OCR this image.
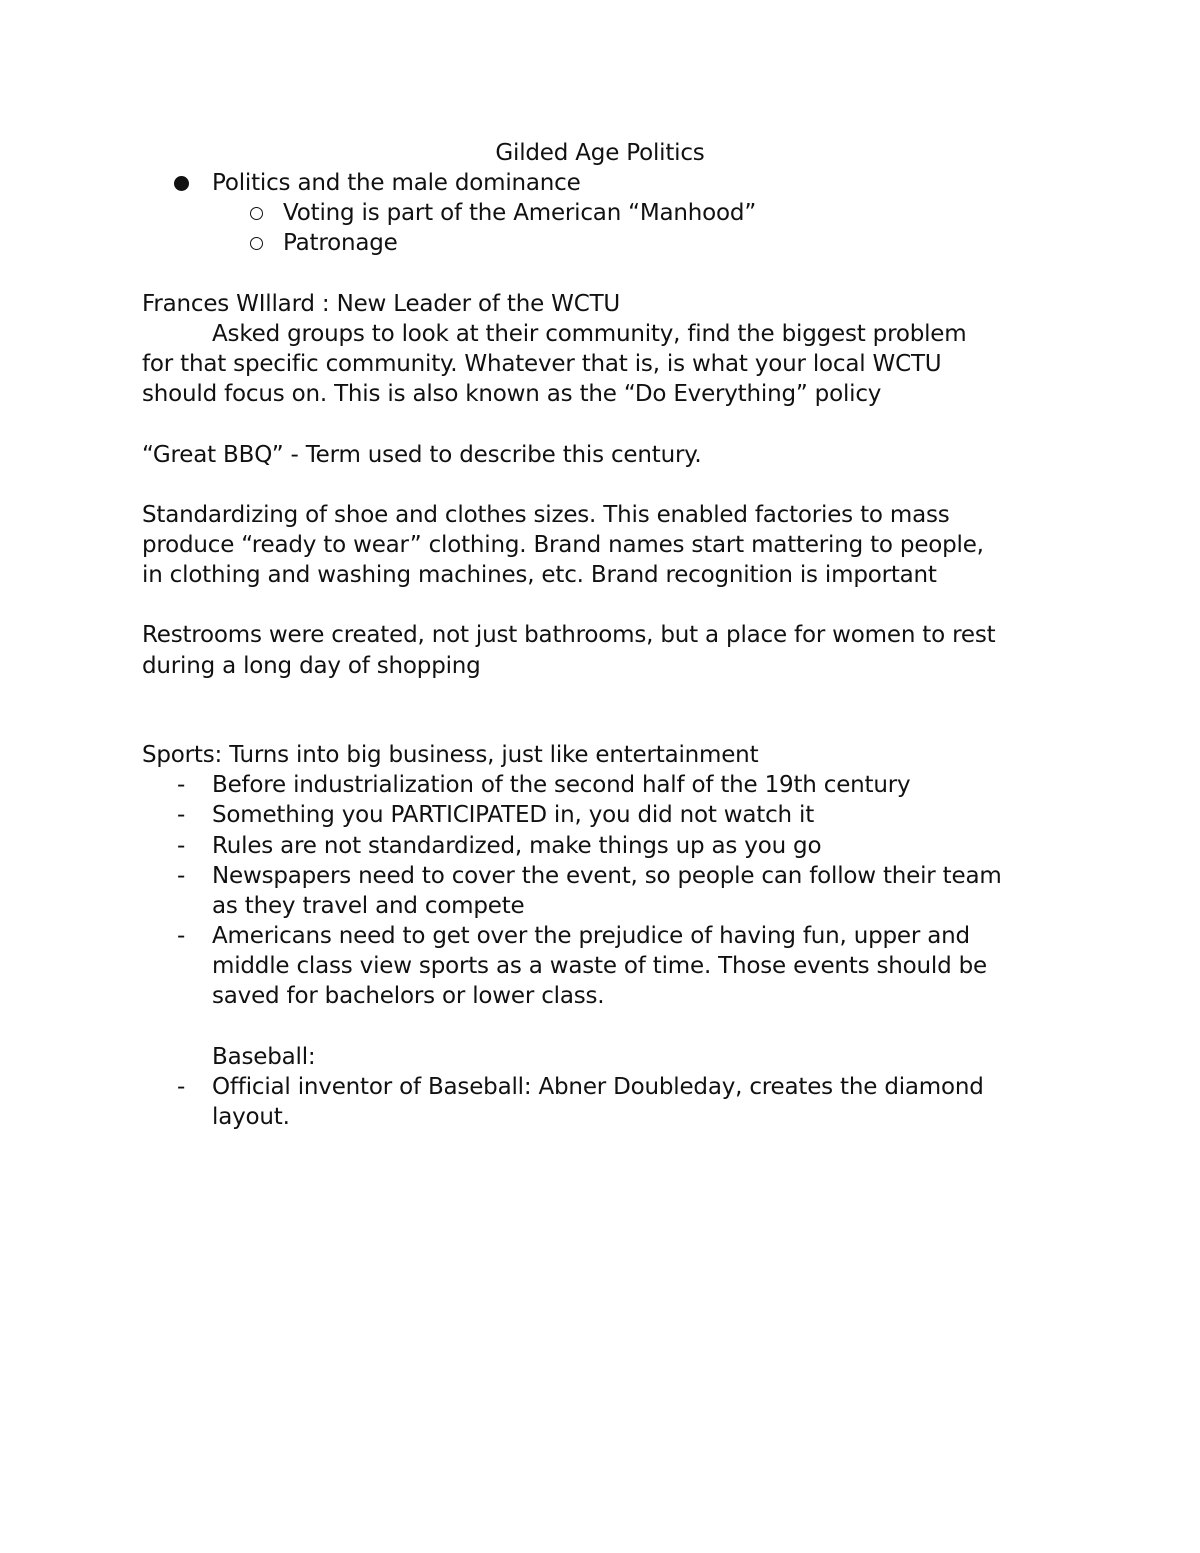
Gilded Age Politics
Politics and the male dominance
Voting is part of the American “Manhood”
Patronage
Frances WIllard : New Leader of the WCTU
Asked groups to look at their community, find the biggest problem
for that specific community. Whatever that is, is what your local WCTU
should focus on. This is also known as the “Do Everything” policy
“Great BBQ” - Term used to describe this century.
Standardizing of shoe and clothes sizes. This enabled factories to mass
produce “ready to wear” clothing. Brand names start mattering to people,
in clothing and washing machines, etc. Brand recognition is important
Restrooms were created, not just bathrooms, but a place for women to rest
during a long day of shopping
Sports: Turns into big business, just like entertainment
- Before industrialization of the second half of the 19th century
- Something you PARTICIPATED in, you did not watch it
- Rules are not standardized, make things up as you go
- Newspapers need to cover the event, so people can follow their team
as they travel and compete
- Americans need to get over the prejudice of having fun, upper and
middle class view sports as a waste of time. Those events should be
saved for bachelors or lower class.
Baseball:
- Official inventor of Baseball: Abner Doubleday, creates the diamond
layout.
